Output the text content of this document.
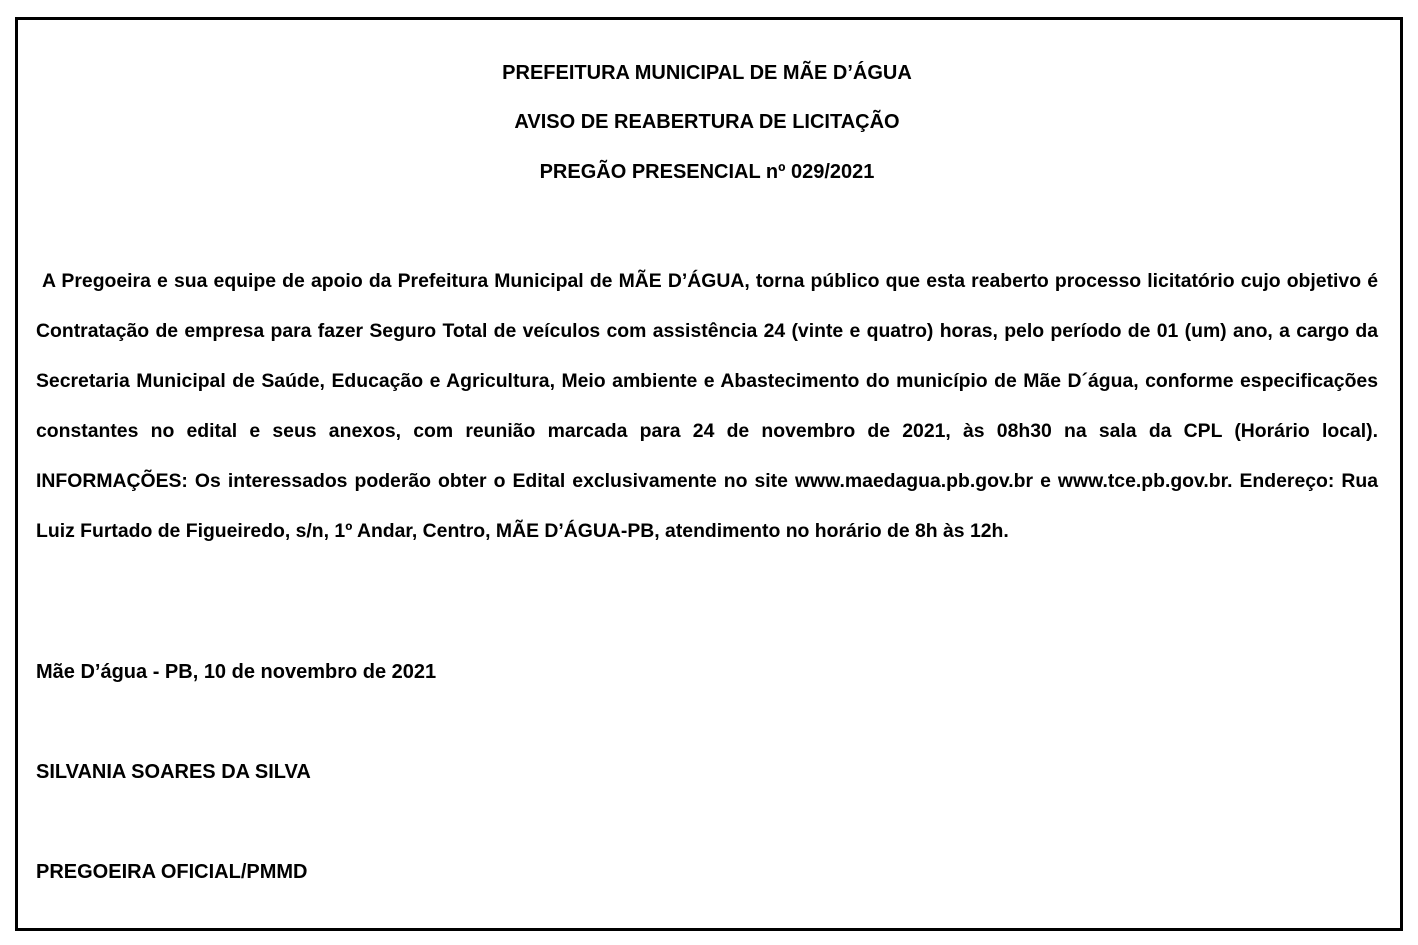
PREFEITURA MUNICIPAL DE MÃE D’ÁGUA
AVISO DE REABERTURA DE LICITAÇÃO
PREGÃO PRESENCIAL nº 029/2021

A Pregoeira e sua equipe de apoio da Prefeitura Municipal de MÃE D’ÁGUA, torna público que esta reaberto processo licitatório cujo objetivo é Contratação de empresa para fazer Seguro Total de veículos com assistência 24 (vinte e quatro) horas, pelo período de 01 (um) ano, a cargo da Secretaria Municipal de Saúde, Educação e Agricultura, Meio ambiente e Abastecimento do município de Mãe D´água, conforme especificações constantes no edital e seus anexos, com reunião marcada para 24 de novembro de 2021, às 08h30 na sala da CPL (Horário local). INFORMAÇÕES: Os interessados poderão obter o Edital exclusivamente no site www.maedagua.pb.gov.br e www.tce.pb.gov.br. Endereço: Rua Luiz Furtado de Figueiredo, s/n, 1º Andar, Centro, MÃE D’ÁGUA-PB, atendimento no horário de 8h às 12h.

Mãe D’água - PB, 10 de novembro de 2021
SILVANIA SOARES DA SILVA
PREGOEIRA OFICIAL/PMMD
